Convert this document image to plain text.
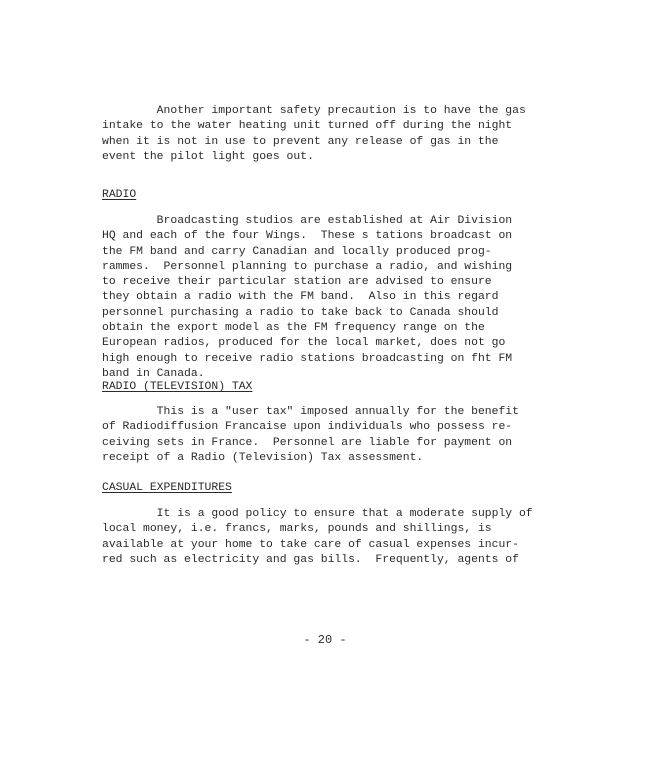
Another important safety precaution is to have the gas
intake to the water heating unit turned off during the night
when it is not in use to prevent any release of gas in the
event the pilot light goes out.

RADIO

Broadcasting studios are established at Air Division
HQ and each of the four Wings.  These s tations broadcast on
the FM band and carry Canadian and locally produced prog-
rammes.  Personnel planning to purchase a radio, and wishing
to receive their particular station are advised to ensure
they obtain a radio with the FM band.  Also in this regard
personnel purchasing a radio to take back to Canada should
obtain the export model as the FM frequency range on the
European radios, produced for the local market, does not go
high enough to receive radio stations broadcasting on fht FM
band in Canada.

RADIO (TELEVISION) TAX

This is a "user tax" imposed annually for the benefit
of Radiodiffusion Francaise upon individuals who possess re-
ceiving sets in France.  Personnel are liable for payment on
receipt of a Radio (Television) Tax assessment.

CASUAL EXPENDITURES

It is a good policy to ensure that a moderate supply of
local money, i.e. francs, marks, pounds and shillings, is
available at your home to take care of casual expenses incur-
red such as electricity and gas bills.  Frequently, agents of

- 20 -
